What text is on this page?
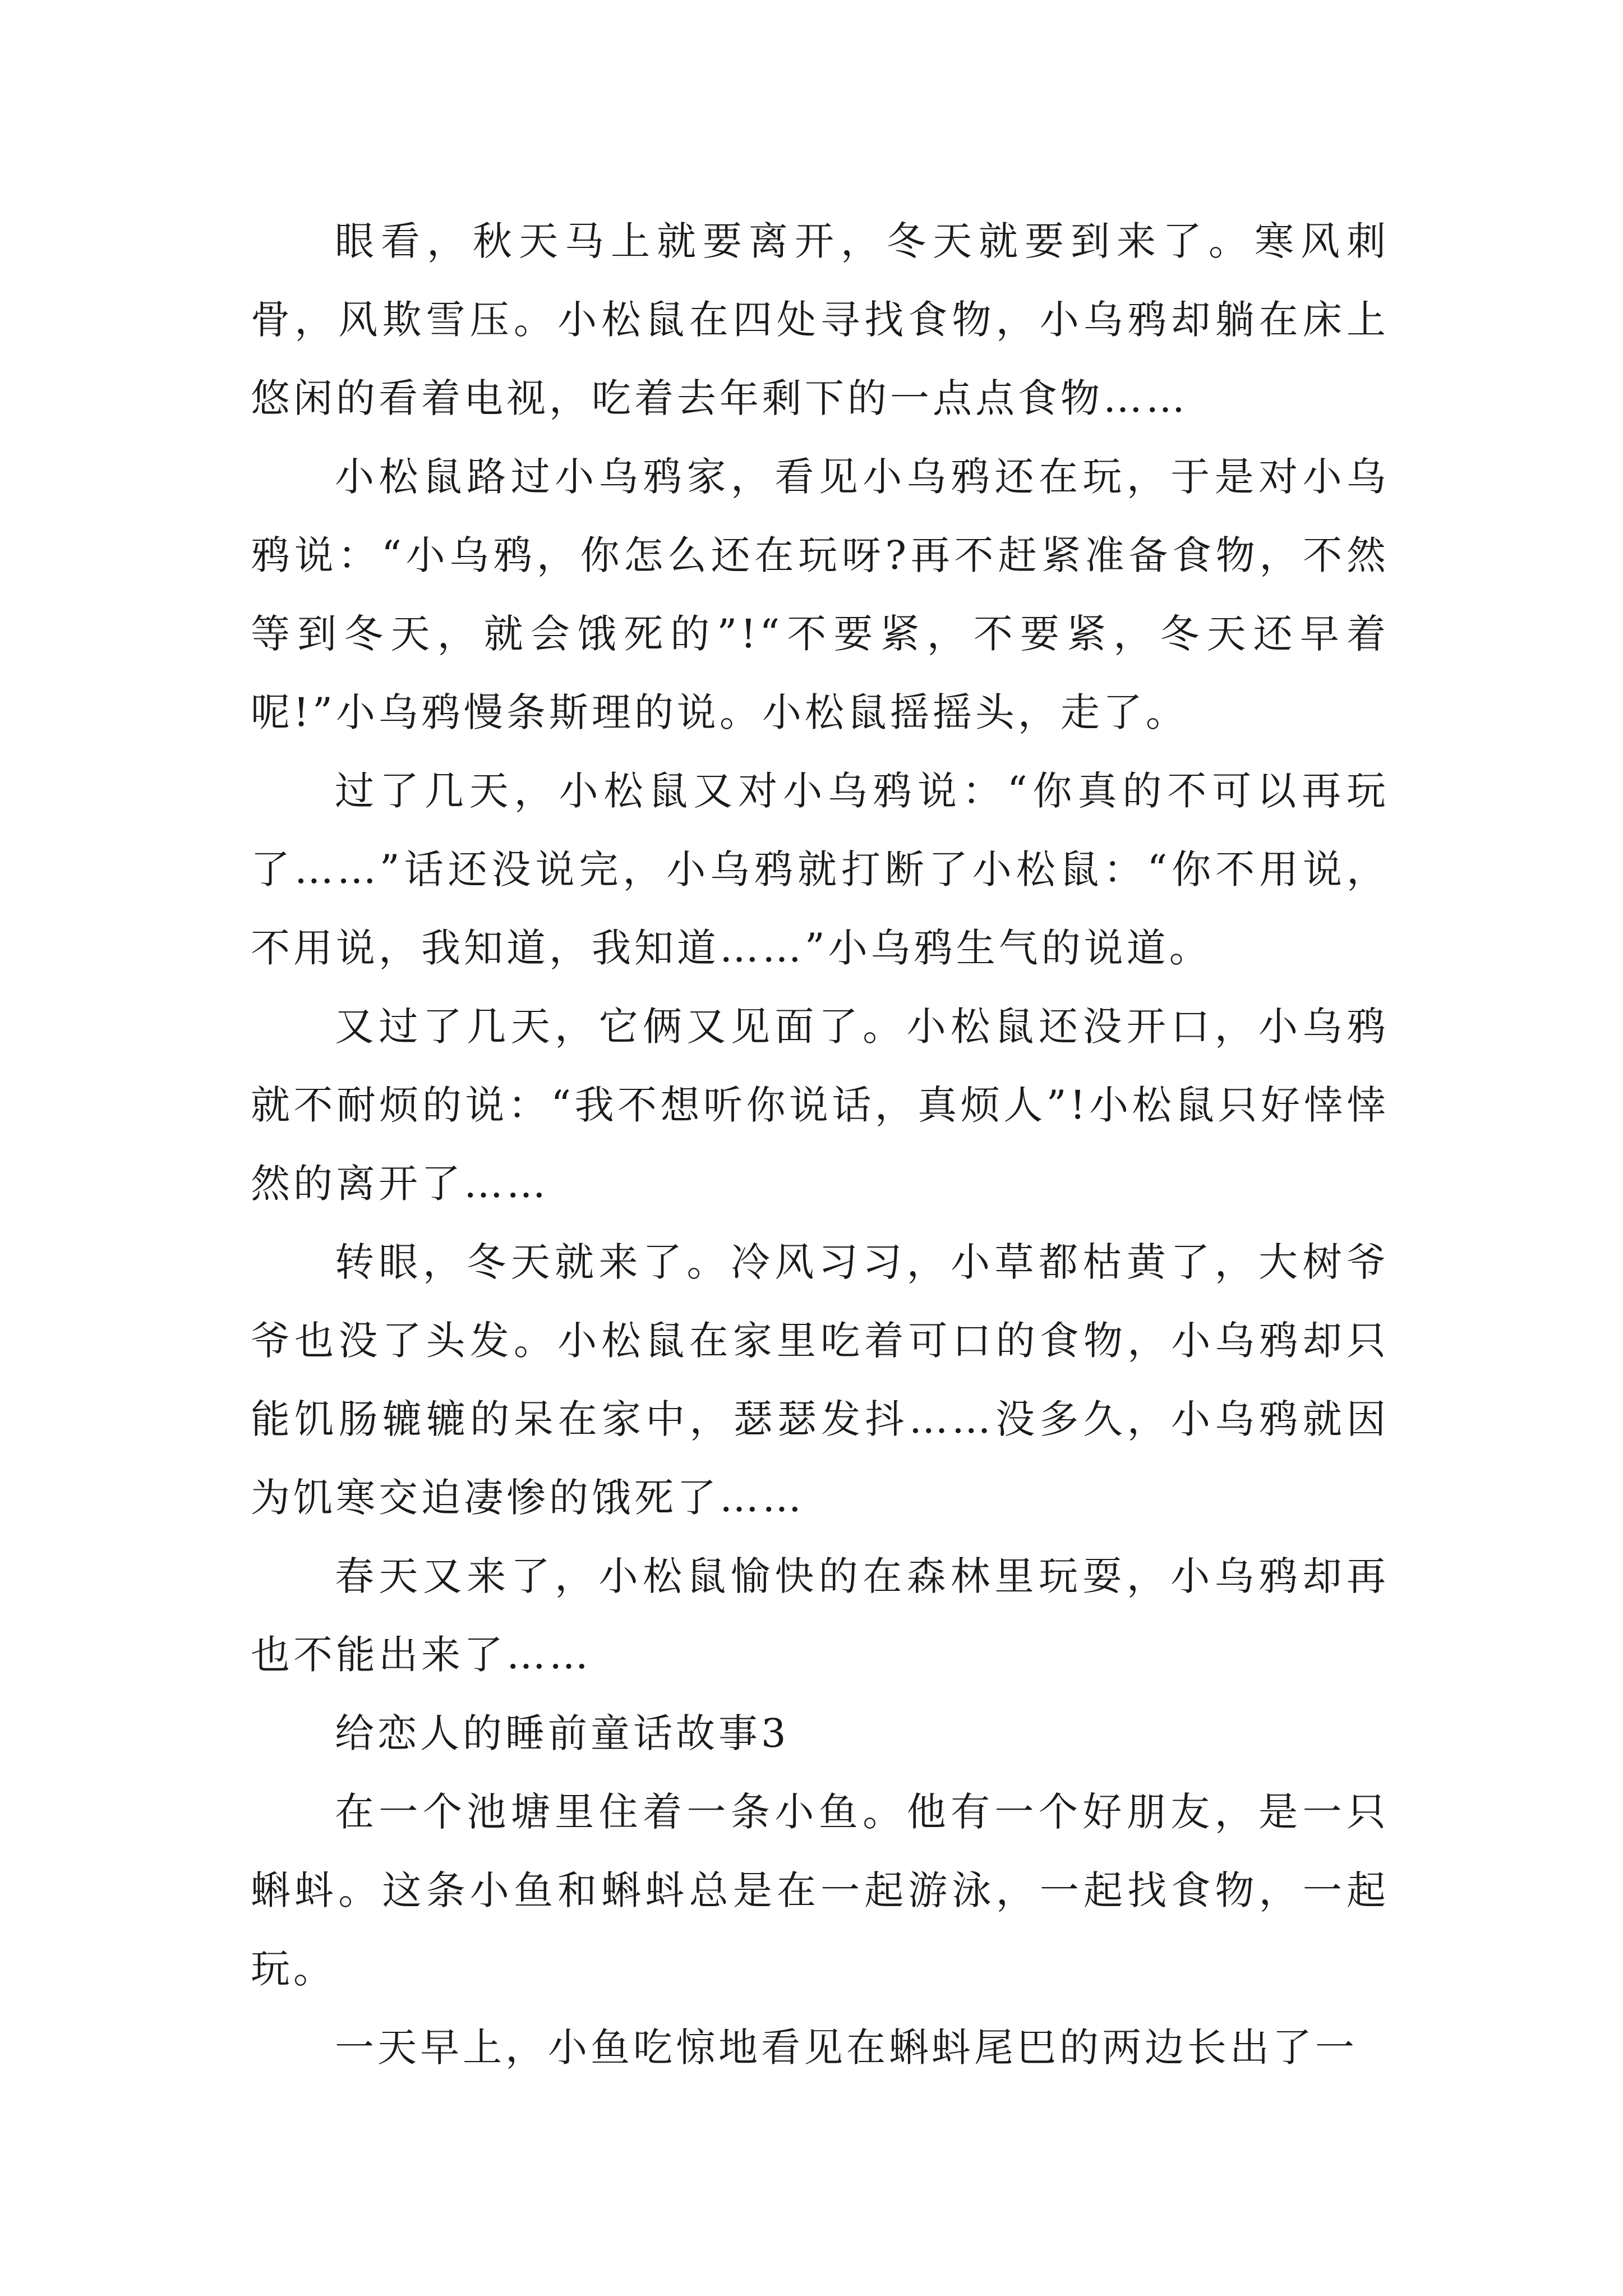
眼看，秋天马上就要离开，冬天就要到来了。寒风刺骨，风欺雪压。小松鼠在四处寻找食物，小乌鸦却躺在床上悠闲的看着电视，吃着去年剩下的一点点食物……

小松鼠路过小乌鸦家，看见小乌鸦还在玩，于是对小乌鸦说：“小乌鸦，你怎么还在玩呀?再不赶紧准备食物，不然等到冬天，就会饿死的”!“不要紧，不要紧，冬天还早着呢!”小乌鸦慢条斯理的说。小松鼠摇摇头，走了。

过了几天，小松鼠又对小乌鸦说：“你真的不可以再玩了……”话还没说完，小乌鸦就打断了小松鼠：“你不用说，不用说，我知道，我知道……”小乌鸦生气的说道。

又过了几天，它俩又见面了。小松鼠还没开口，小乌鸦就不耐烦的说：“我不想听你说话，真烦人”!小松鼠只好悻悻然的离开了……

转眼，冬天就来了。冷风习习，小草都枯黄了，大树爷爷也没了头发。小松鼠在家里吃着可口的食物，小乌鸦却只能饥肠辘辘的呆在家中，瑟瑟发抖……没多久，小乌鸦就因为饥寒交迫凄惨的饿死了……

春天又来了，小松鼠愉快的在森林里玩耍，小乌鸦却再也不能出来了……

给恋人的睡前童话故事3

在一个池塘里住着一条小鱼。他有一个好朋友，是一只蝌蚪。这条小鱼和蝌蚪总是在一起游泳，一起找食物，一起玩。

一天早上，小鱼吃惊地看见在蝌蚪尾巴的两边长出了一
